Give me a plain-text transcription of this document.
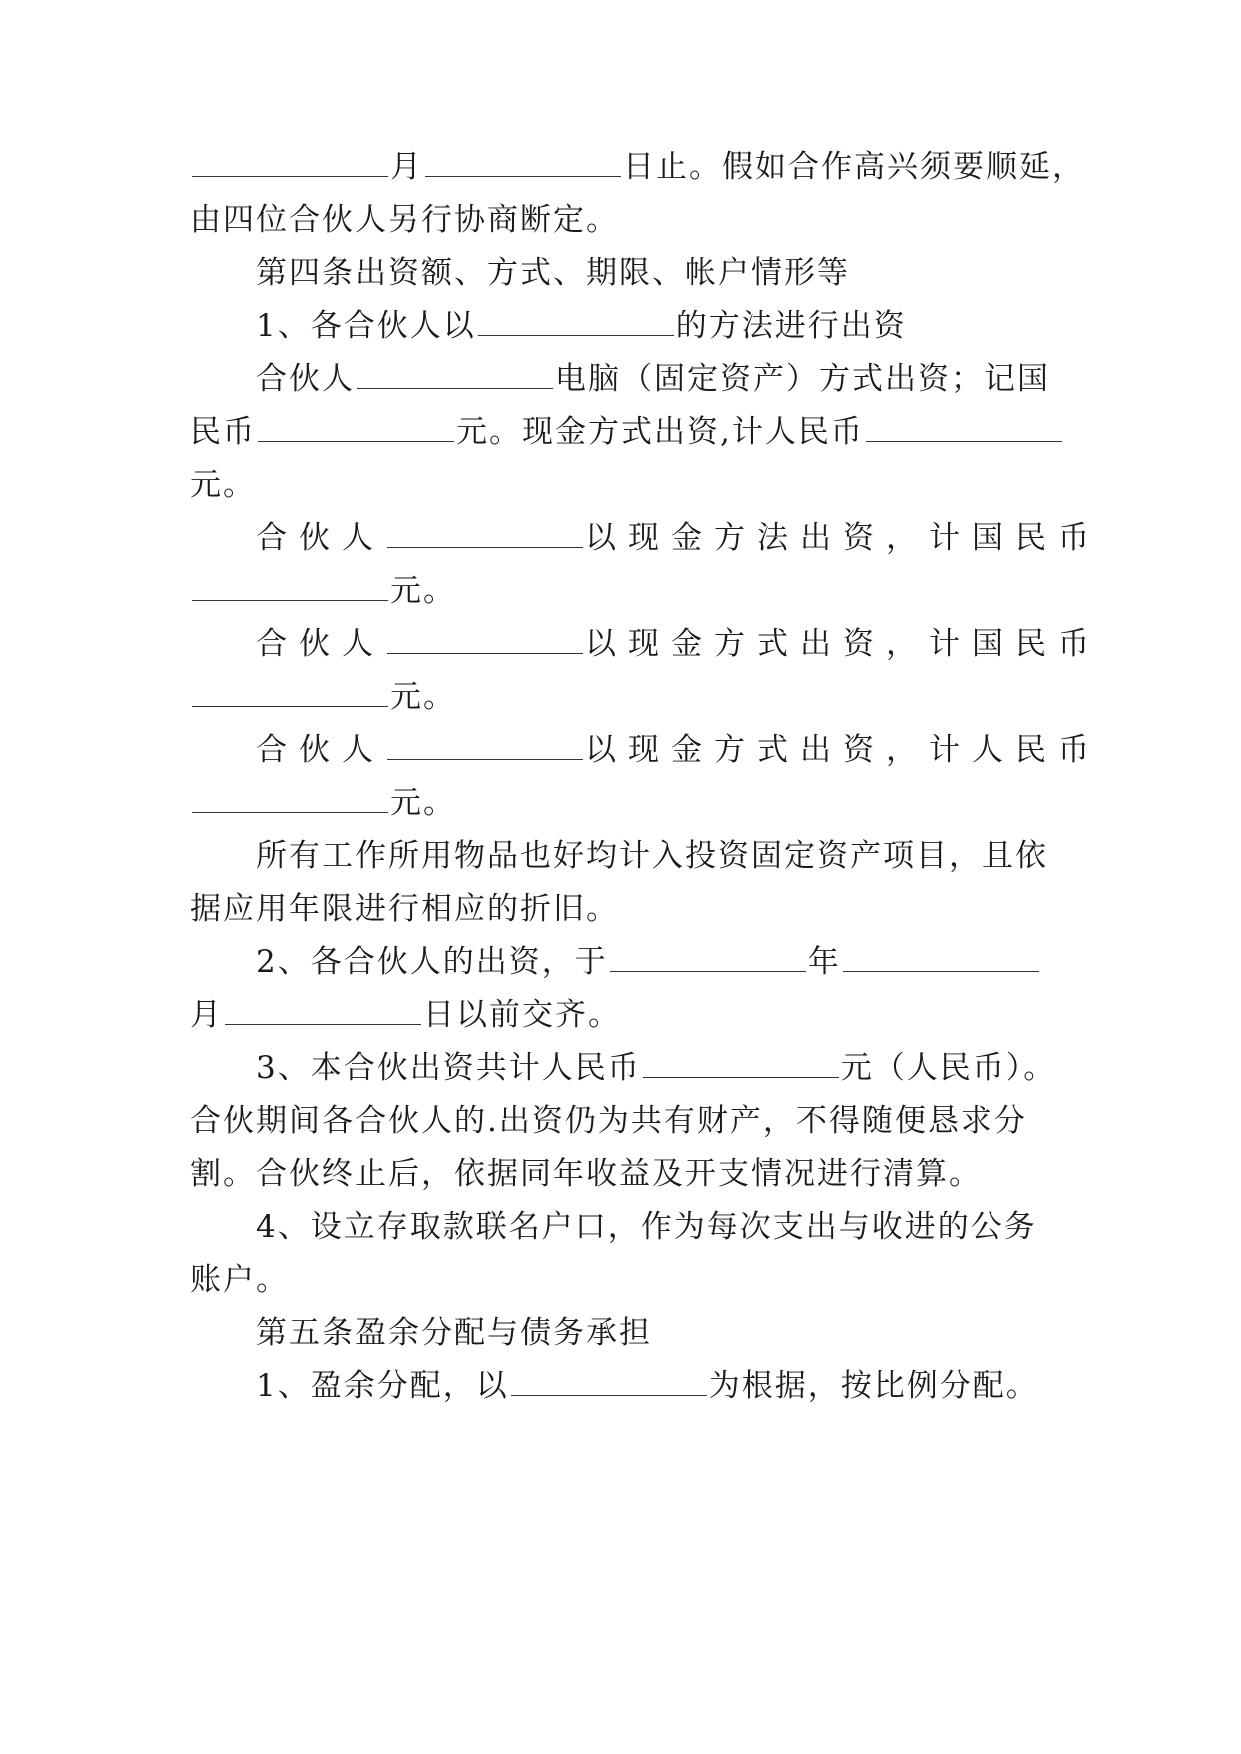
月	日止。假如合作高兴须要顺延，
由四位合伙人另行协商断定。
第四条出资额、方式、期限、帐户情形等
1、各合伙人以	的方法进行出资
合伙人	电脑（固定资产）方式出资；记国
民币	元。现金方式出资,计人民币
元。
合伙人	以现金方法出资，计国民币
元。
合伙人	以现金方式出资，计国民币
元。
合伙人	以现金方式出资，计人民币
元。
所有工作所用物品也好均计入投资固定资产项目，且依
据应用年限进行相应的折旧。
2、各合伙人的出资，于	年
月	日以前交齐。
3、本合伙出资共计人民币	元（人民币）。
合伙期间各合伙人的.出资仍为共有财产，不得随便恳求分
割。合伙终止后，依据同年收益及开支情况进行清算。
4、设立存取款联名户口，作为每次支出与收进的公务
账户。
第五条盈余分配与债务承担
1、盈余分配，以	为根据，按比例分配。
